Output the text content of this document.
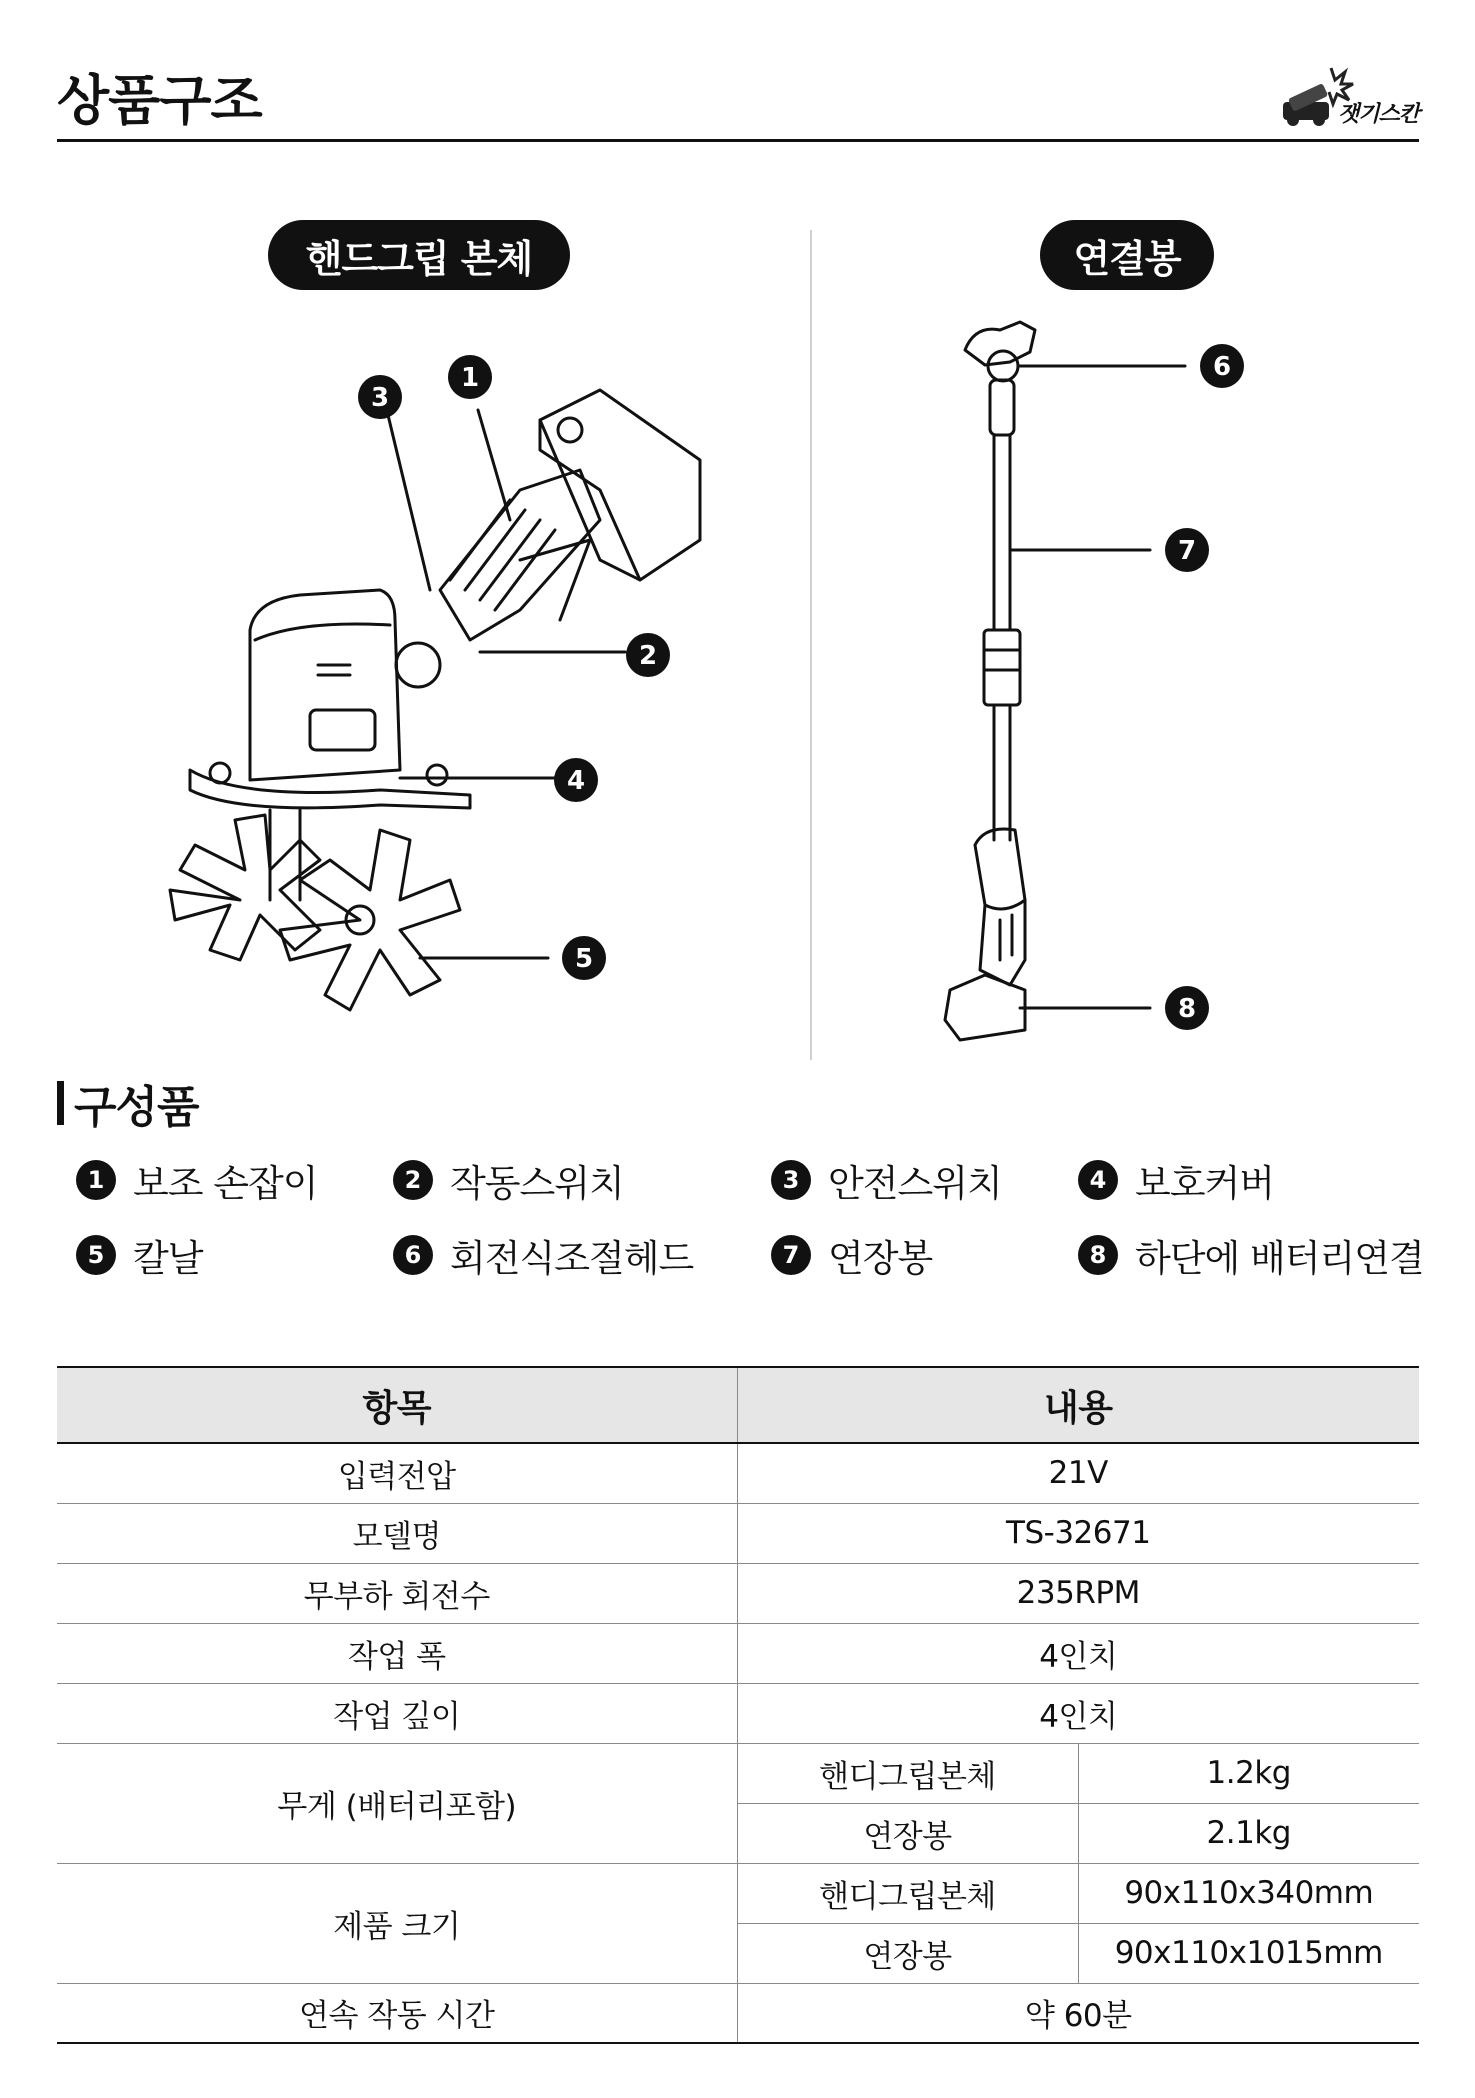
상품구조	잿기스칸
핸드그립 본체	연결봉
1
2
3
4
5
6
7
8
구성품
1 보조 손잡이	2 작동스위치	3 안전스위치	4 보호커버
5 칼날	6 회전식조절헤드	7 연장봉	8 하단에 배터리연결
항목	내용	
입력전압	21V	
모델명	TS-32671	
무부하 회전수	235RPM	
작업 폭	4인치	
작업 깊이	4인치	
무게 (배터리포함)	핸디그립본체	1.2kg
	연장봉	2.1kg
제품 크기	핸디그립본체	90x110x340mm
	연장봉	90x110x1015mm
연속 작동 시간	약 60분	
